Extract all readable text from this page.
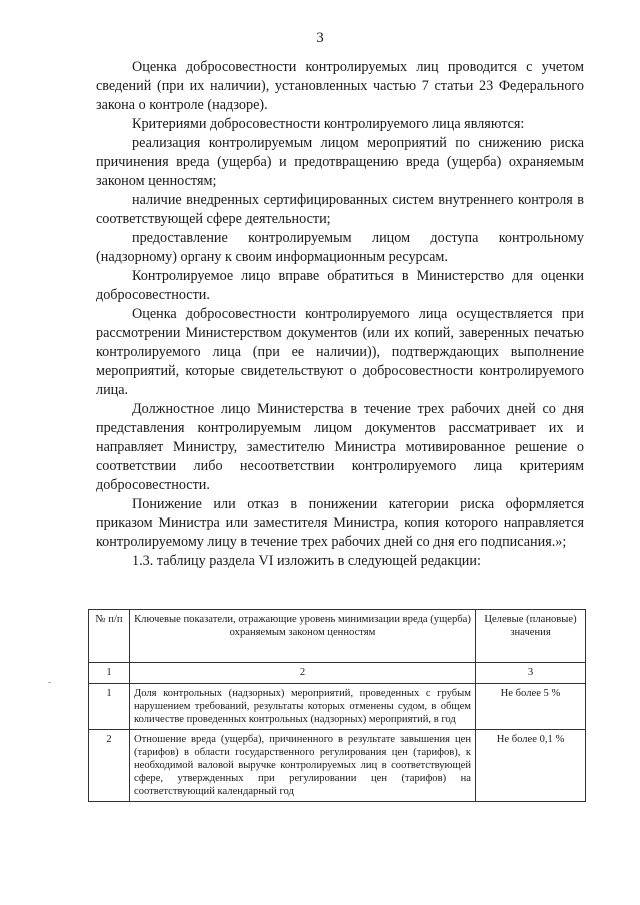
3

Оценка добросовестности контролируемых лиц проводится с учетом сведений (при их наличии), установленных частью 7 статьи 23 Федерального закона о контроле (надзоре).

Критериями добросовестности контролируемого лица являются:

реализация контролируемым лицом мероприятий по снижению риска причинения вреда (ущерба) и предотвращению вреда (ущерба) охраняемым законом ценностям;

наличие внедренных сертифицированных систем внутреннего контроля в соответствующей сфере деятельности;

предоставление контролируемым лицом доступа контрольному (надзорному) органу к своим информационным ресурсам.

Контролируемое лицо вправе обратиться в Министерство для оценки добросовестности.

Оценка добросовестности контролируемого лица осуществляется при рассмотрении Министерством документов (или их копий, заверенных печатью контролируемого лица (при ее наличии)), подтверждающих выполнение мероприятий, которые свидетельствуют о добросовестности контролируемого лица.

Должностное лицо Министерства в течение трех рабочих дней со дня представления контролируемым лицом документов рассматривает их и направляет Министру, заместителю Министра мотивированное решение о соответствии либо несоответствии контролируемого лица критериям добросовестности.

Понижение или отказ в понижении категории риска оформляется приказом Министра или заместителя Министра, копия которого направляется контролируемому лицу в течение трех рабочих дней со дня его подписания.»;

1.3. таблицу раздела VI изложить в следующей редакции:

№ п/п	Ключевые показатели, отражающие уровень минимизации вреда (ущерба) охраняемым законом ценностям	Целевые (плановые) значения
1	2	3
1	Доля контрольных (надзорных) мероприятий, проведенных с грубым нарушением требований, результаты которых отменены судом, в общем количестве проведенных контрольных (надзорных) мероприятий, в год	Не более 5 %
2	Отношение вреда (ущерба), причиненного в результате завышения цен (тарифов) в области государственного регулирования цен (тарифов), к необходимой валовой выручке контролируемых лиц в соответствующей сфере, утвержденных при регулировании цен (тарифов) на соответствующий календарный год	Не более 0,1 %
-
